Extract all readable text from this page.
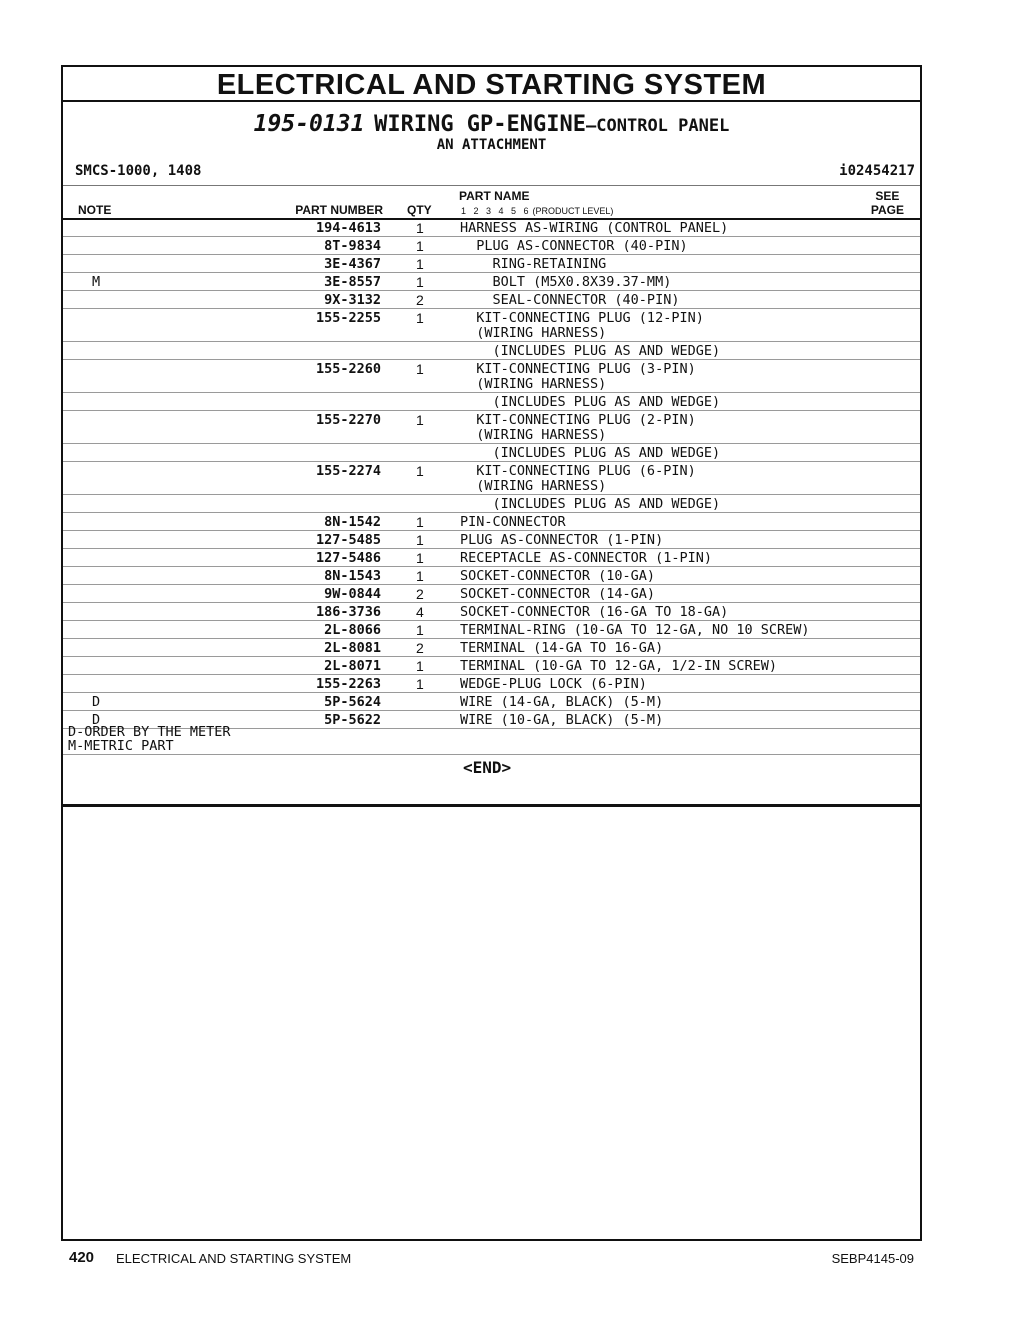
ELECTRICAL AND STARTING SYSTEM
195-0131 WIRING GP-ENGINE—CONTROL PANEL
AN ATTACHMENT
SMCS-1000, 1408	i02454217
NOTE	PART NUMBER QTY
PART NAME
1 2 3 4 5 6 (PRODUCT LEVEL)
SEE
PAGE
194-4613	1	HARNESS AS-WIRING (CONTROL PANEL)
8T-9834	1	PLUG AS-CONNECTOR (40-PIN)
3E-4367	1	RING-RETAINING
M	3E-8557	1	BOLT (M5X0.8X39.37-MM)
9X-3132	2	SEAL-CONNECTOR (40-PIN)
155-2255	1	KIT-CONNECTING PLUG (12-PIN)
(WIRING HARNESS)
(INCLUDES PLUG AS AND WEDGE)
155-2260	1	KIT-CONNECTING PLUG (3-PIN)
(WIRING HARNESS)
(INCLUDES PLUG AS AND WEDGE)
155-2270	1	KIT-CONNECTING PLUG (2-PIN)
(WIRING HARNESS)
(INCLUDES PLUG AS AND WEDGE)
155-2274	1	KIT-CONNECTING PLUG (6-PIN)
(WIRING HARNESS)
(INCLUDES PLUG AS AND WEDGE)
8N-1542	1	PIN-CONNECTOR
127-5485	1	PLUG AS-CONNECTOR (1-PIN)
127-5486	1	RECEPTACLE AS-CONNECTOR (1-PIN)
8N-1543	1	SOCKET-CONNECTOR (10-GA)
9W-0844	2	SOCKET-CONNECTOR (14-GA)
186-3736	4	SOCKET-CONNECTOR (16-GA TO 18-GA)
2L-8066	1	TERMINAL-RING (10-GA TO 12-GA, NO 10 SCREW)
2L-8081	2	TERMINAL (14-GA TO 16-GA)
2L-8071	1	TERMINAL (10-GA TO 12-GA, 1/2-IN SCREW)
155-2263	1	WEDGE-PLUG LOCK (6-PIN)
D	5P-5624	WIRE (14-GA, BLACK) (5-M)
D	5P-5622	WIRE (10-GA, BLACK) (5-M)
D-ORDER BY THE METER
M-METRIC PART
<END>
420 ELECTRICAL AND STARTING SYSTEM	SEBP4145-09
